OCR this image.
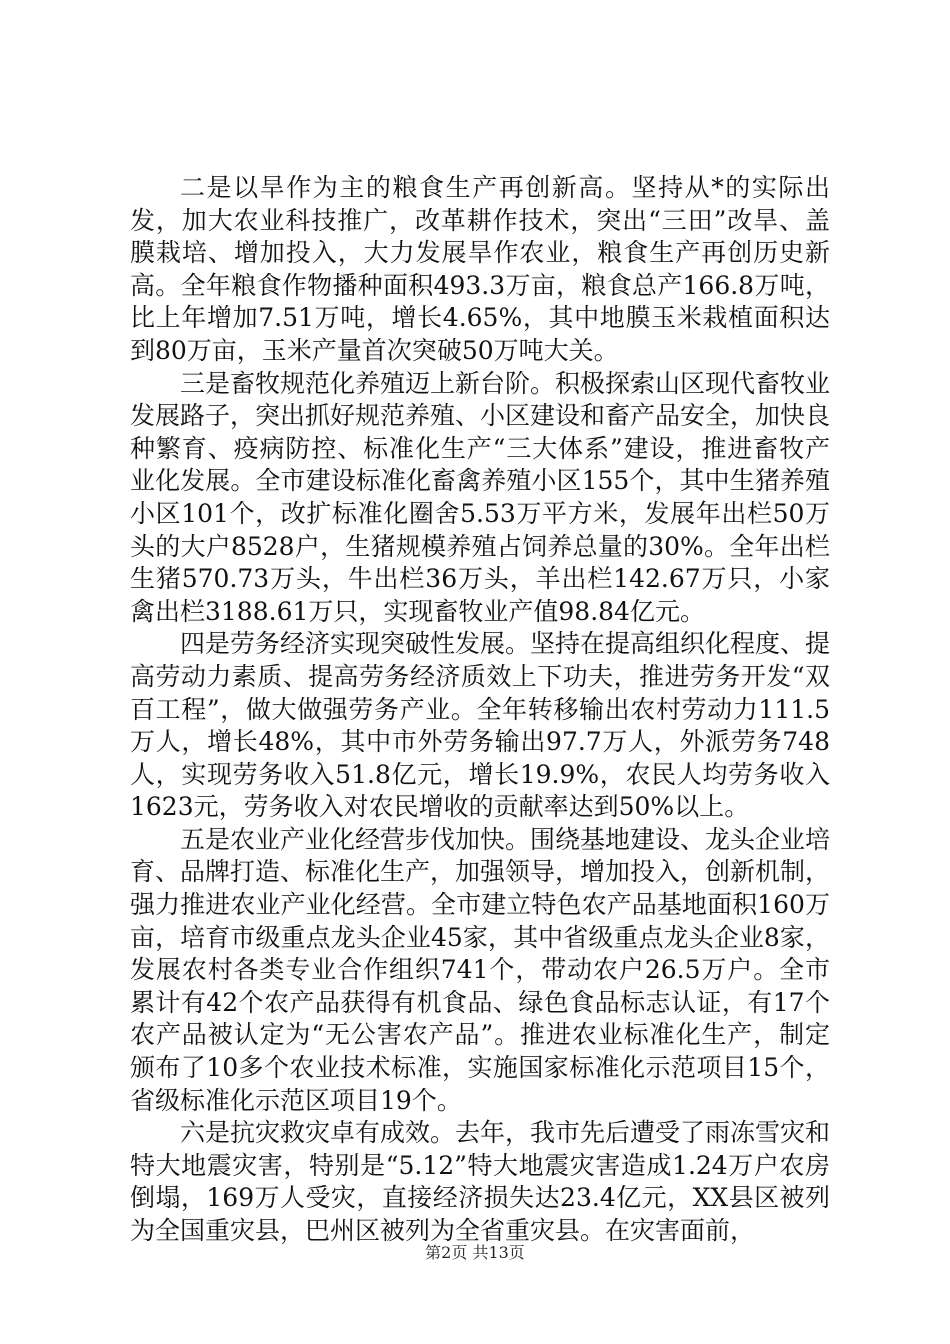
二是以旱作为主的粮食生产再创新高。坚持从*的实际出发，加大农业科技推广，改革耕作技术，突出“三田”改旱、盖膜栽培、增加投入，大力发展旱作农业，粮食生产再创历史新高。全年粮食作物播种面积493.3万亩，粮食总产166.8万吨，比上年增加7.51万吨，增长4.65%，其中地膜玉米栽植面积达到80万亩，玉米产量首次突破50万吨大关。

三是畜牧规范化养殖迈上新台阶。积极探索山区现代畜牧业发展路子，突出抓好规范养殖、小区建设和畜产品安全，加快良种繁育、疫病防控、标准化生产“三大体系”建设，推进畜牧产业化发展。全市建设标准化畜禽养殖小区155个，其中生猪养殖小区101个，改扩标准化圈舍5.53万平方米，发展年出栏50万头的大户8528户，生猪规模养殖占饲养总量的30%。全年出栏生猪570.73万头，牛出栏36万头，羊出栏142.67万只，小家禽出栏3188.61万只，实现畜牧业产值98.84亿元。

四是劳务经济实现突破性发展。坚持在提高组织化程度、提高劳动力素质、提高劳务经济质效上下功夫，推进劳务开发“双百工程”，做大做强劳务产业。全年转移输出农村劳动力111.5万人，增长48%，其中市外劳务输出97.7万人，外派劳务748人，实现劳务收入51.8亿元，增长19.9%，农民人均劳务收入1623元，劳务收入对农民增收的贡献率达到50%以上。

五是农业产业化经营步伐加快。围绕基地建设、龙头企业培育、品牌打造、标准化生产，加强领导，增加投入，创新机制，强力推进农业产业化经营。全市建立特色农产品基地面积160万亩，培育市级重点龙头企业45家，其中省级重点龙头企业8家，发展农村各类专业合作组织741个，带动农户26.5万户。全市累计有42个农产品获得有机食品、绿色食品标志认证，有17个农产品被认定为“无公害农产品”。推进农业标准化生产，制定颁布了10多个农业技术标准，实施国家标准化示范项目15个，省级标准化示范区项目19个。

六是抗灾救灾卓有成效。去年，我市先后遭受了雨冻雪灾和特大地震灾害，特别是“5.12”特大地震灾害造成1.24万户农房倒塌，169万人受灾，直接经济损失达23.4亿元，XX县区被列为全国重灾县，巴州区被列为全省重灾县。在灾害面前，

第2页 共13页
